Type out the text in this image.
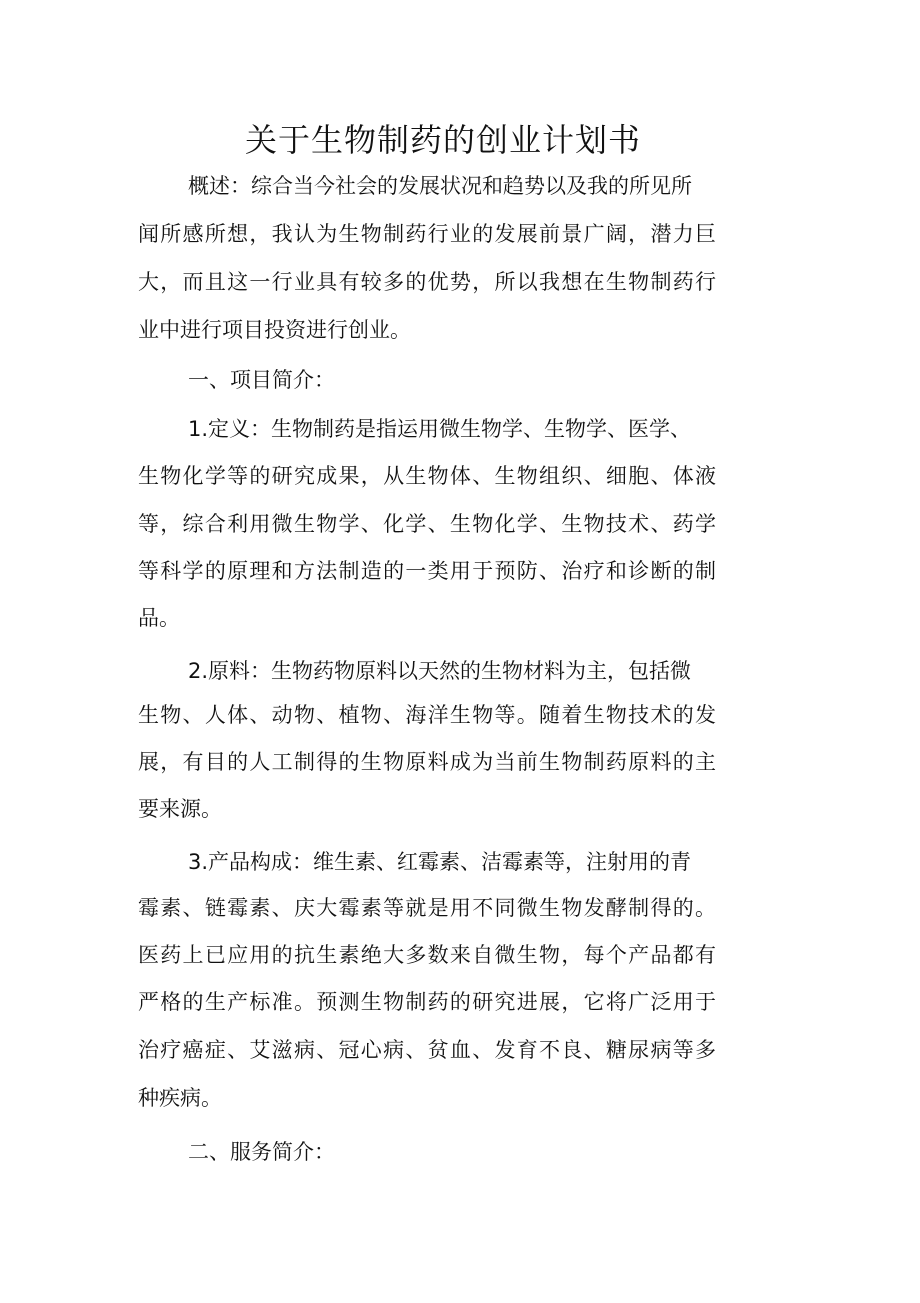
关于生物制药的创业计划书
概述：综合当今社会的发展状况和趋势以及我的所见所
闻所感所想，我认为生物制药行业的发展前景广阔，潜力巨
大，而且这一行业具有较多的优势，所以我想在生物制药行
业中进行项目投资进行创业。
一、项目简介：
1.定义：生物制药是指运用微生物学、生物学、医学、
生物化学等的研究成果，从生物体、生物组织、细胞、体液
等，综合利用微生物学、化学、生物化学、生物技术、药学
等科学的原理和方法制造的一类用于预防、治疗和诊断的制
品。
2.原料：生物药物原料以天然的生物材料为主，包括微
生物、人体、动物、植物、海洋生物等。随着生物技术的发
展，有目的人工制得的生物原料成为当前生物制药原料的主
要来源。
3.产品构成：维生素、红霉素、洁霉素等，注射用的青
霉素、链霉素、庆大霉素等就是用不同微生物发酵制得的。
医药上已应用的抗生素绝大多数来自微生物，每个产品都有
严格的生产标准。预测生物制药的研究进展，它将广泛用于
治疗癌症、艾滋病、冠心病、贫血、发育不良、糖尿病等多
种疾病。
二、服务简介：
